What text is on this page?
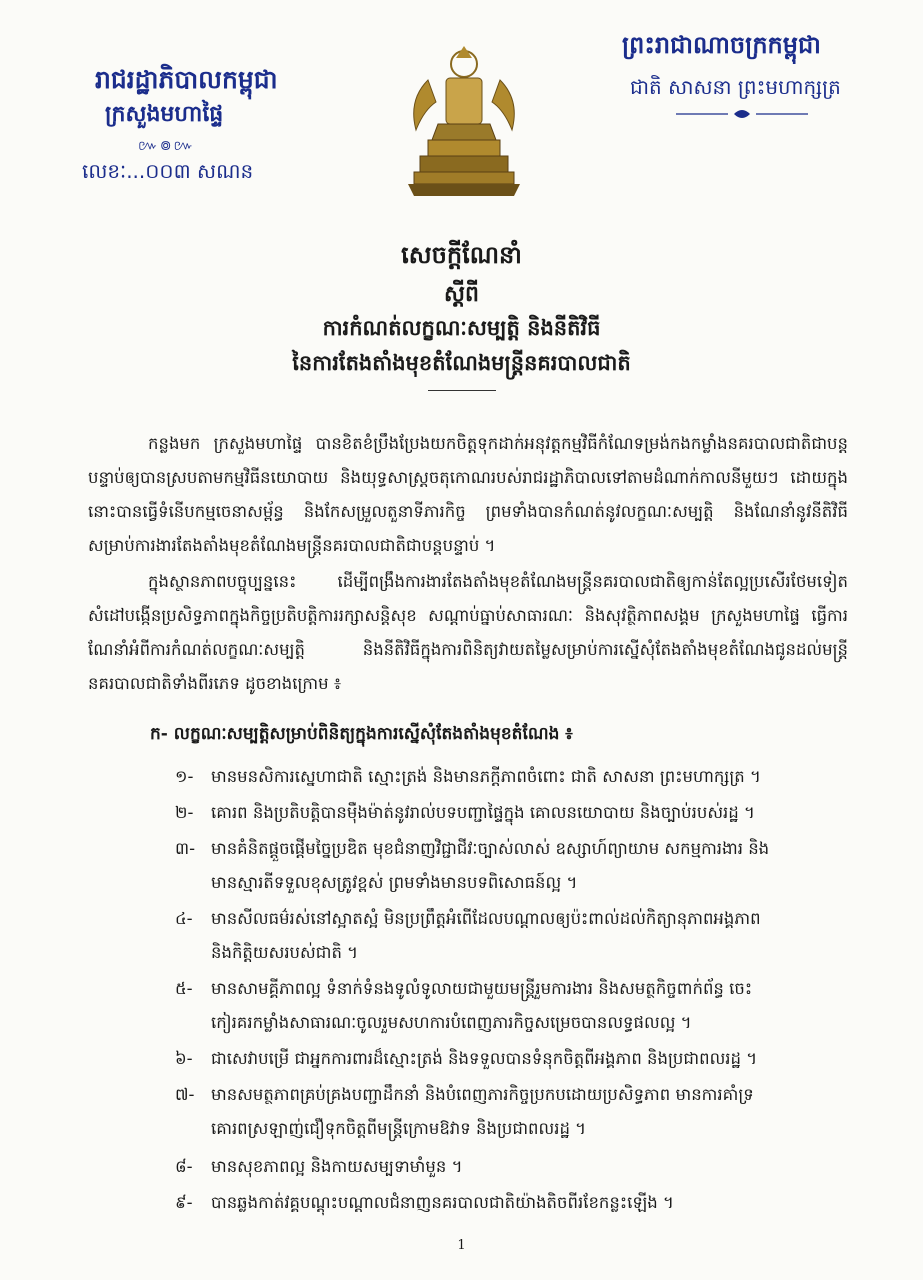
រាជរដ្ឋាភិបាលកម្ពុជា
ក្រសួងមហាផ្ទៃ
៚៙៚
លេខៈ...០០៣ សណន
ព្រះរាជាណាចក្រកម្ពុជា
ជាតិ សាសនា ព្រះមហាក្សត្រ
សេចក្ដីណែនាំ
ស្ដីពី
ការកំណត់លក្ខណៈសម្បត្តិ និងនីតិវិធី
នៃការតែងតាំងមុខតំណែងមន្ត្រីនគរបាលជាតិ
កន្លងមក ក្រសួងមហាផ្ទៃ បានខិតខំប្រឹងប្រែងយកចិត្តទុកដាក់អនុវត្តកម្មវិធីកំណែទម្រង់កងកម្លាំងនគរបាលជាតិជាបន្តបន្ទាប់ឲ្យបានស្របតាមកម្មវិធីនយោបាយ និងយុទ្ធសាស្ត្រចតុកោណរបស់រាជរដ្ឋាភិបាលទៅតាមដំណាក់កាលនីមួយៗ ដោយក្នុងនោះបានធ្វើទំនើបកម្មចេនាសម្ព័ន្ធ និងកែសម្រួលតួនាទីភារកិច្ច ព្រមទាំងបានកំណត់នូវលក្ខណៈសម្បត្តិ និងណែនាំនូវនីតិវិធីសម្រាប់ការងារតែងតាំងមុខតំណែងមន្ត្រីនគរបាលជាតិជាបន្តបន្ទាប់ ។
ក្នុងស្ថានភាពបច្ចុប្បន្ននេះ ដើម្បីពង្រឹងការងារតែងតាំងមុខតំណែងមន្ត្រីនគរបាលជាតិឲ្យកាន់តែល្អប្រសើរថែមទៀត សំដៅបង្កើនប្រសិទ្ធភាពក្នុងកិច្ចប្រតិបត្តិការរក្សាសន្តិសុខ សណ្ដាប់ធ្នាប់សាធារណៈ និងសុវត្ថិភាពសង្គម ក្រសួងមហាផ្ទៃ ធ្វើការណែនាំអំពីការកំណត់លក្ខណៈសម្បត្តិ និងនីតិវិធីក្នុងការពិនិត្យវាយតម្លៃសម្រាប់ការស្នើសុំតែងតាំងមុខតំណែងជូនដល់មន្ត្រីនគរបាលជាតិទាំងពីរភេទ ដូចខាងក្រោម ៖
ក- លក្ខណៈសម្បត្តិសម្រាប់ពិនិត្យក្នុងការស្នើសុំតែងតាំងមុខតំណែង ៖
១- មានមនសិការស្នេហាជាតិ ស្មោះត្រង់ និងមានភក្ដីភាពចំពោះ ជាតិ សាសនា ព្រះមហាក្សត្រ ។
២- គោរព និងប្រតិបត្តិបានម៉ឺងម៉ាត់នូវរាល់បទបញ្ជាផ្ទៃក្នុង គោលនយោបាយ និងច្បាប់របស់រដ្ឋ ។
៣- មានគំនិតផ្ដួចផ្ដើមច្នៃប្រឌិត មុខជំនាញវិជ្ជាជីវៈច្បាស់លាស់ ឧស្សាហ៍ព្យាយាម សកម្មការងារ និង
មានស្មារតីទទួលខុសត្រូវខ្ពស់ ព្រមទាំងមានបទពិសោធន៍ល្អ ។
៤- មានសីលធម៌រស់នៅស្អាតស្អំ មិនប្រព្រឹត្តអំពើដែលបណ្ដាលឲ្យប៉ះពាល់ដល់កិត្យានុភាពអង្គភាព
និងកិត្តិយសរបស់ជាតិ ។
៥- មានសាមគ្គីភាពល្អ ទំនាក់ទំនងទូលំទូលាយជាមួយមន្ត្រីរួមការងារ និងសមត្ថកិច្ចពាក់ព័ន្ធ ចេះ
កៀរគរកម្លាំងសាធារណៈចូលរួមសហការបំពេញភារកិច្ចសម្រេចបានលទ្ធផលល្អ ។
៦- ជាសេវាបម្រើ ជាអ្នកការពារដ៏ស្មោះត្រង់ និងទទួលបានទំនុកចិត្តពីអង្គភាព និងប្រជាពលរដ្ឋ ។
៧- មានសមត្ថភាពគ្រប់គ្រងបញ្ជាដឹកនាំ និងបំពេញភារកិច្ចប្រកបដោយប្រសិទ្ធភាព មានការគាំទ្រ
គោរពស្រឡាញ់ជឿទុកចិត្តពីមន្ត្រីក្រោមឱវាទ និងប្រជាពលរដ្ឋ ។
៨- មានសុខភាពល្អ និងកាយសម្បទាមាំមួន ។
៩- បានឆ្លងកាត់វគ្គបណ្ដុះបណ្ដាលជំនាញនគរបាលជាតិយ៉ាងតិចពីរខែកន្លះឡើង ។
1
